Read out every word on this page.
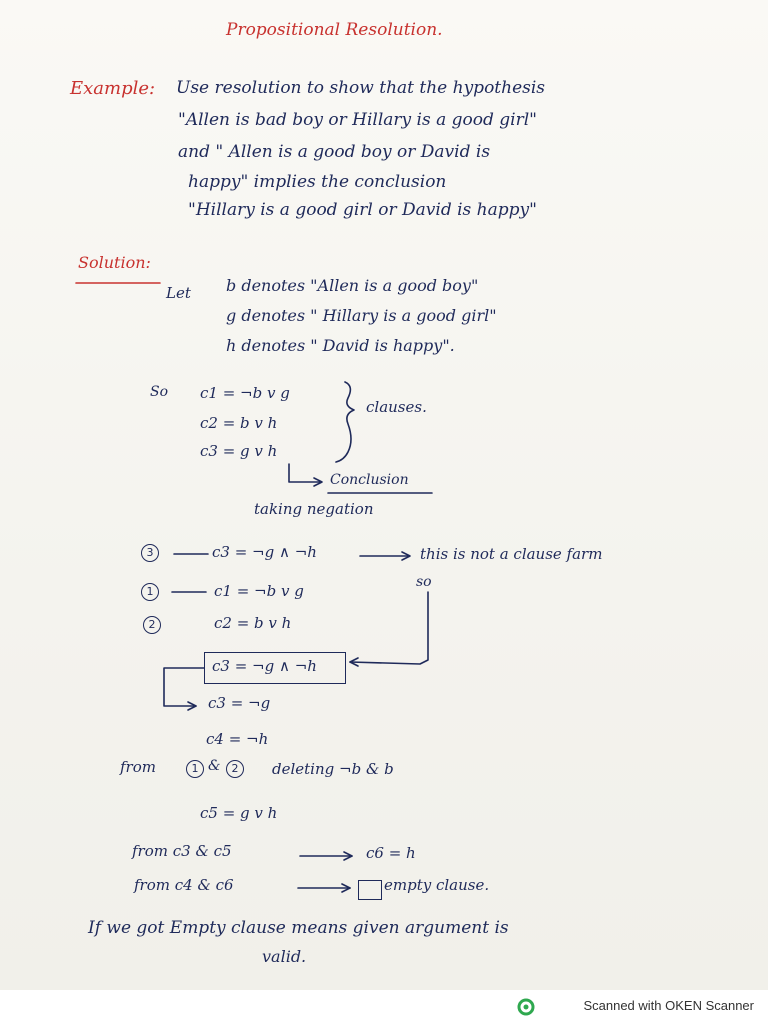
Propositional Resolution.
Example: Use resolution to show that the hypothesis
"Allen is bad boy or Hillary is a good girl"
and " Allen is a good boy or David is
happy" implies the conclusion
"Hillary is a good girl or David is happy"
Solution:
Let b denotes "Allen is a good boy"
g denotes " Hillary is a good girl"
h denotes " David is happy".
So c1 = ¬b v g
c2 = b v h
c3 = g v h
clauses.
Conclusion
taking negation
3	c3 = ¬g ∧ ¬h	this is not a clause farm
so
1	c1 = ¬b v g
2	c2 = b v h
c3 = ¬g ∧ ¬h
c3 = ¬g
c4 = ¬h
from	1 &	2	deleting ¬b & b
c5 = g v h
from c3 & c5	c6 = h
from c4 & c6	empty clause.
If we got Empty clause means given argument is
valid.
Scanned with OKEN Scanner
